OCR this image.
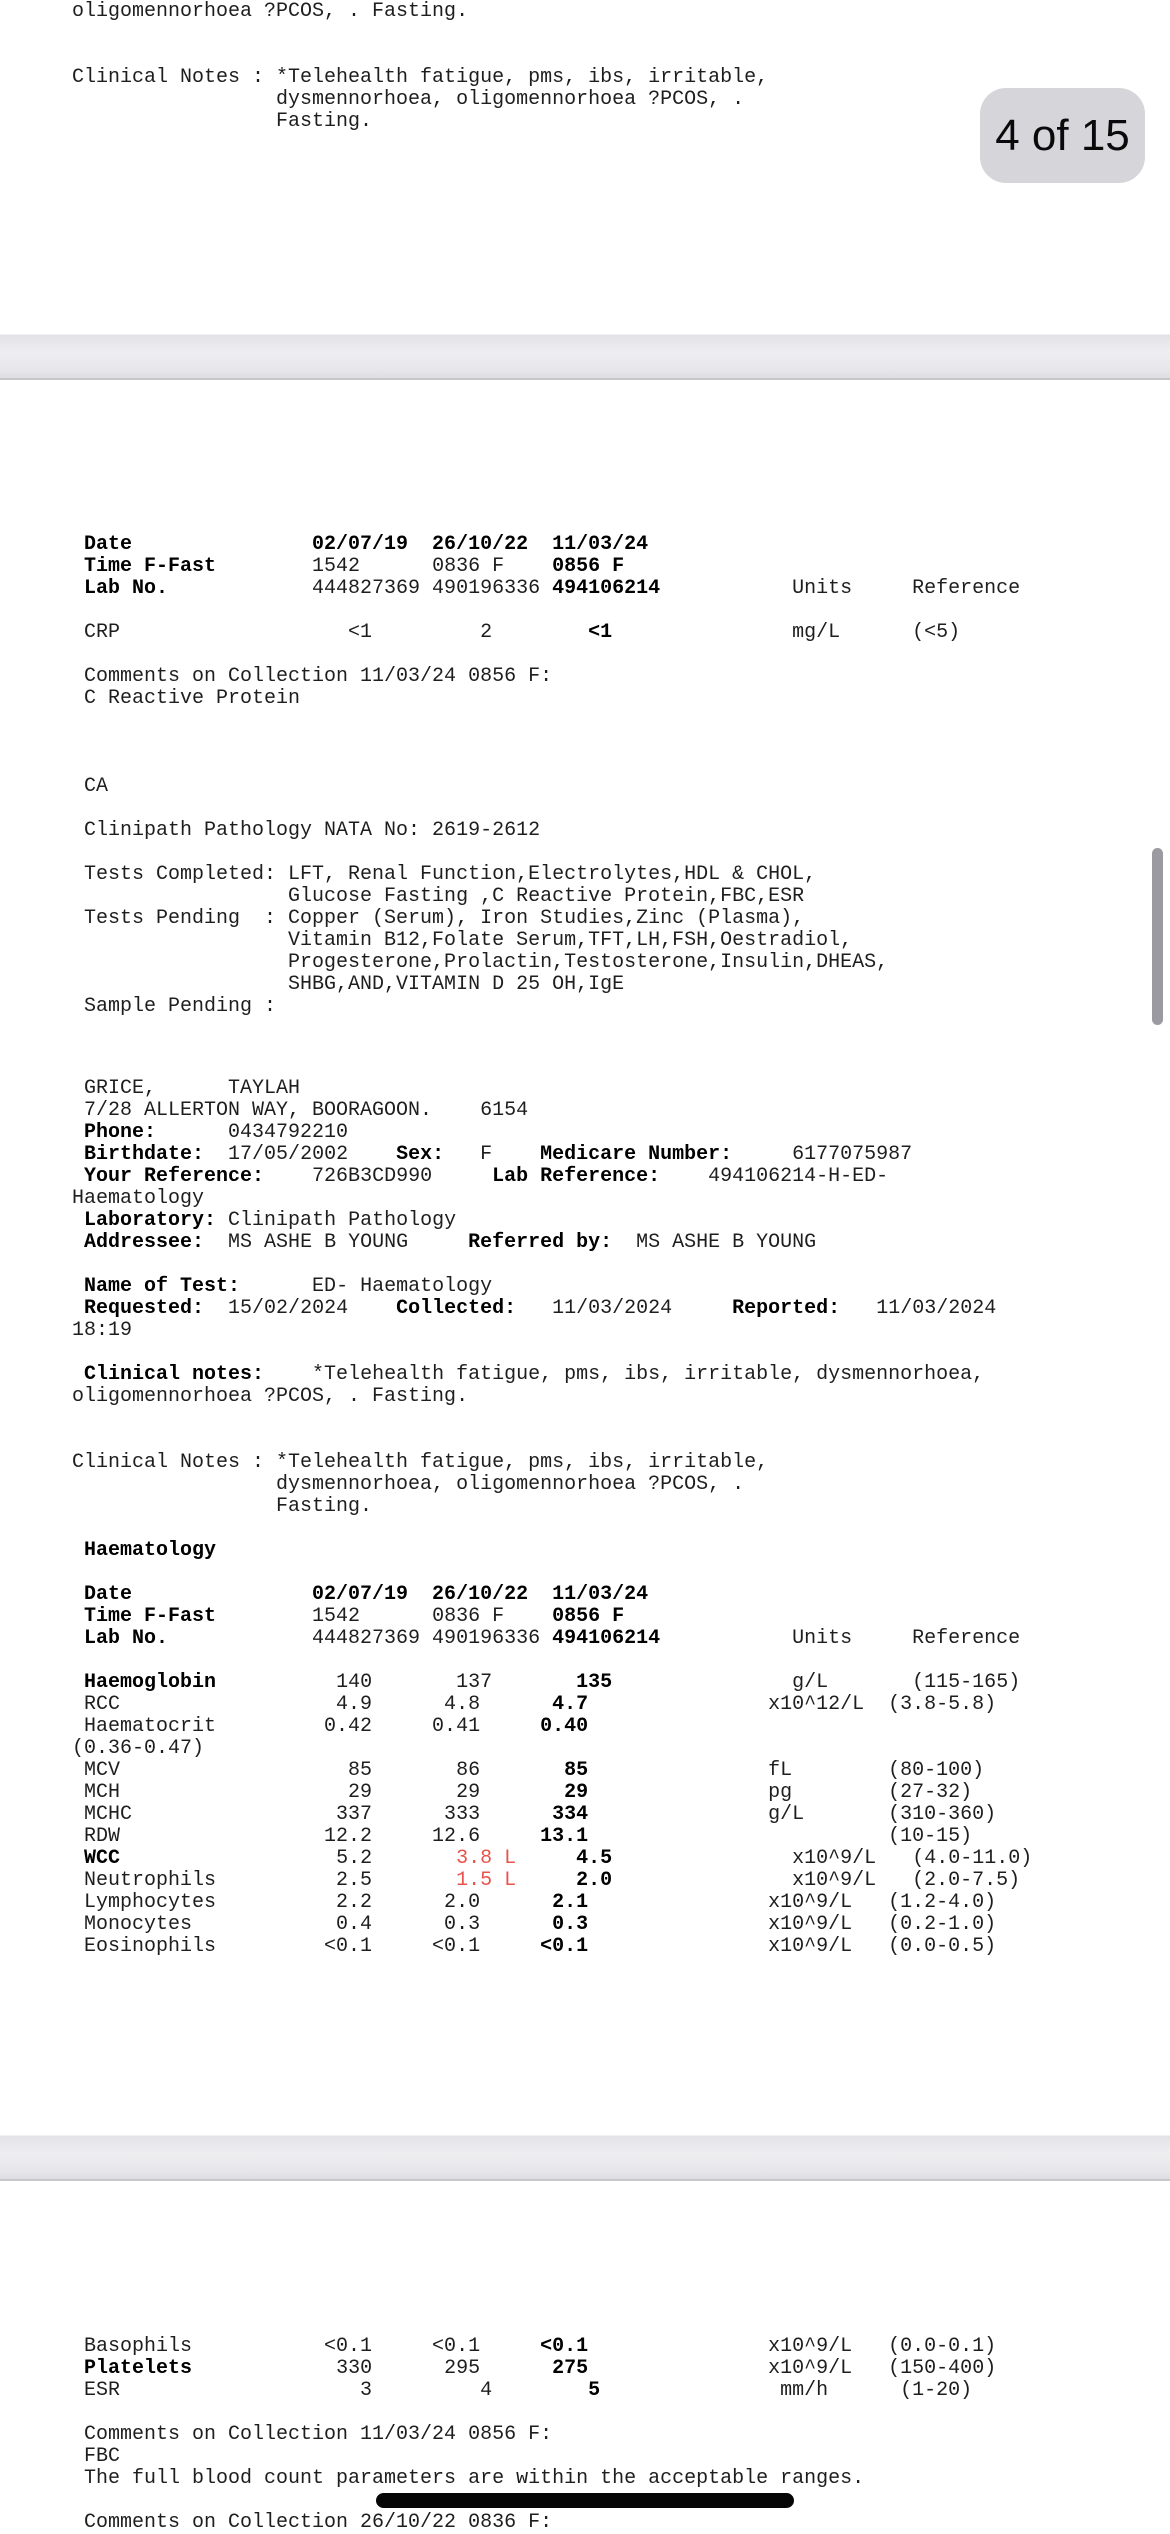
oligomennorhoea ?PCOS, . Fasting.

Clinical Notes : *Telehealth fatigue, pms, ibs, irritable,
dysmennorhoea, oligomennorhoea ?PCOS, .
Fasting.
Date               02/07/19  26/10/22  11/03/24
Time F-Fast        1542      0836 F    0856 F
Lab No.            444827369 490196336 494106214           Units     Reference

CRP                   <1         2        <1               mg/L      (<5)

Comments on Collection 11/03/24 0856 F:
C Reactive Protein

CA

Clinipath Pathology NATA No: 2619-2612

Tests Completed: LFT, Renal Function,Electrolytes,HDL & CHOL,
Glucose Fasting ,C Reactive Protein,FBC,ESR
Tests Pending  : Copper (Serum), Iron Studies,Zinc (Plasma),
Vitamin B12,Folate Serum,TFT,LH,FSH,Oestradiol,
Progesterone,Prolactin,Testosterone,Insulin,DHEAS,
SHBG,AND,VITAMIN D 25 OH,IgE
Sample Pending :
GRICE,      TAYLAH
7/28 ALLERTON WAY, BOORAGOON.    6154
Phone:      0434792210
Birthdate:  17/05/2002    Sex:   F    Medicare Number:     6177075987
Your Reference:    726B3CD990     Lab Reference:    494106214-H-ED-
Haematology
Laboratory: Clinipath Pathology
Addressee:  MS ASHE B YOUNG     Referred by:  MS ASHE B YOUNG

Name of Test:      ED- Haematology
Requested:  15/02/2024    Collected:   11/03/2024     Reported:   11/03/2024
18:19

Clinical notes:    *Telehealth fatigue, pms, ibs, irritable, dysmennorhoea,
oligomennorhoea ?PCOS, . Fasting.

Clinical Notes : *Telehealth fatigue, pms, ibs, irritable,
dysmennorhoea, oligomennorhoea ?PCOS, .
Fasting.

Haematology

Date               02/07/19  26/10/22  11/03/24
Time F-Fast        1542      0836 F    0856 F
Lab No.            444827369 490196336 494106214           Units     Reference

Haemoglobin          140       137       135               g/L       (115-165)
RCC                  4.9      4.8      4.7               x10^12/L  (3.8-5.8)
Haematocrit         0.42     0.41     0.40
(0.36-0.47)
MCV                   85       86       85               fL        (80-100)
MCH                   29       29       29               pg        (27-32)
MCHC                 337      333      334               g/L       (310-360)
RDW                 12.2     12.6     13.1                         (10-15)
WCC                  5.2       3.8 L	4.5               x10^9/L   (4.0-11.0)
Neutrophils          2.5       1.5 L	2.0               x10^9/L   (2.0-7.5)
Lymphocytes          2.2      2.0      2.1               x10^9/L   (1.2-4.0)
Monocytes            0.4      0.3      0.3               x10^9/L   (0.2-1.0)
Eosinophils         <0.1     <0.1     <0.1               x10^9/L   (0.0-0.5)
Basophils           <0.1     <0.1     <0.1               x10^9/L   (0.0-0.1)
Platelets            330      295      275               x10^9/L   (150-400)
ESR                    3         4        5               mm/h      (1-20)

Comments on Collection 11/03/24 0856 F:
FBC
The full blood count parameters are within the acceptable ranges.

Comments on Collection 26/10/22 0836 F:
4 of 15
